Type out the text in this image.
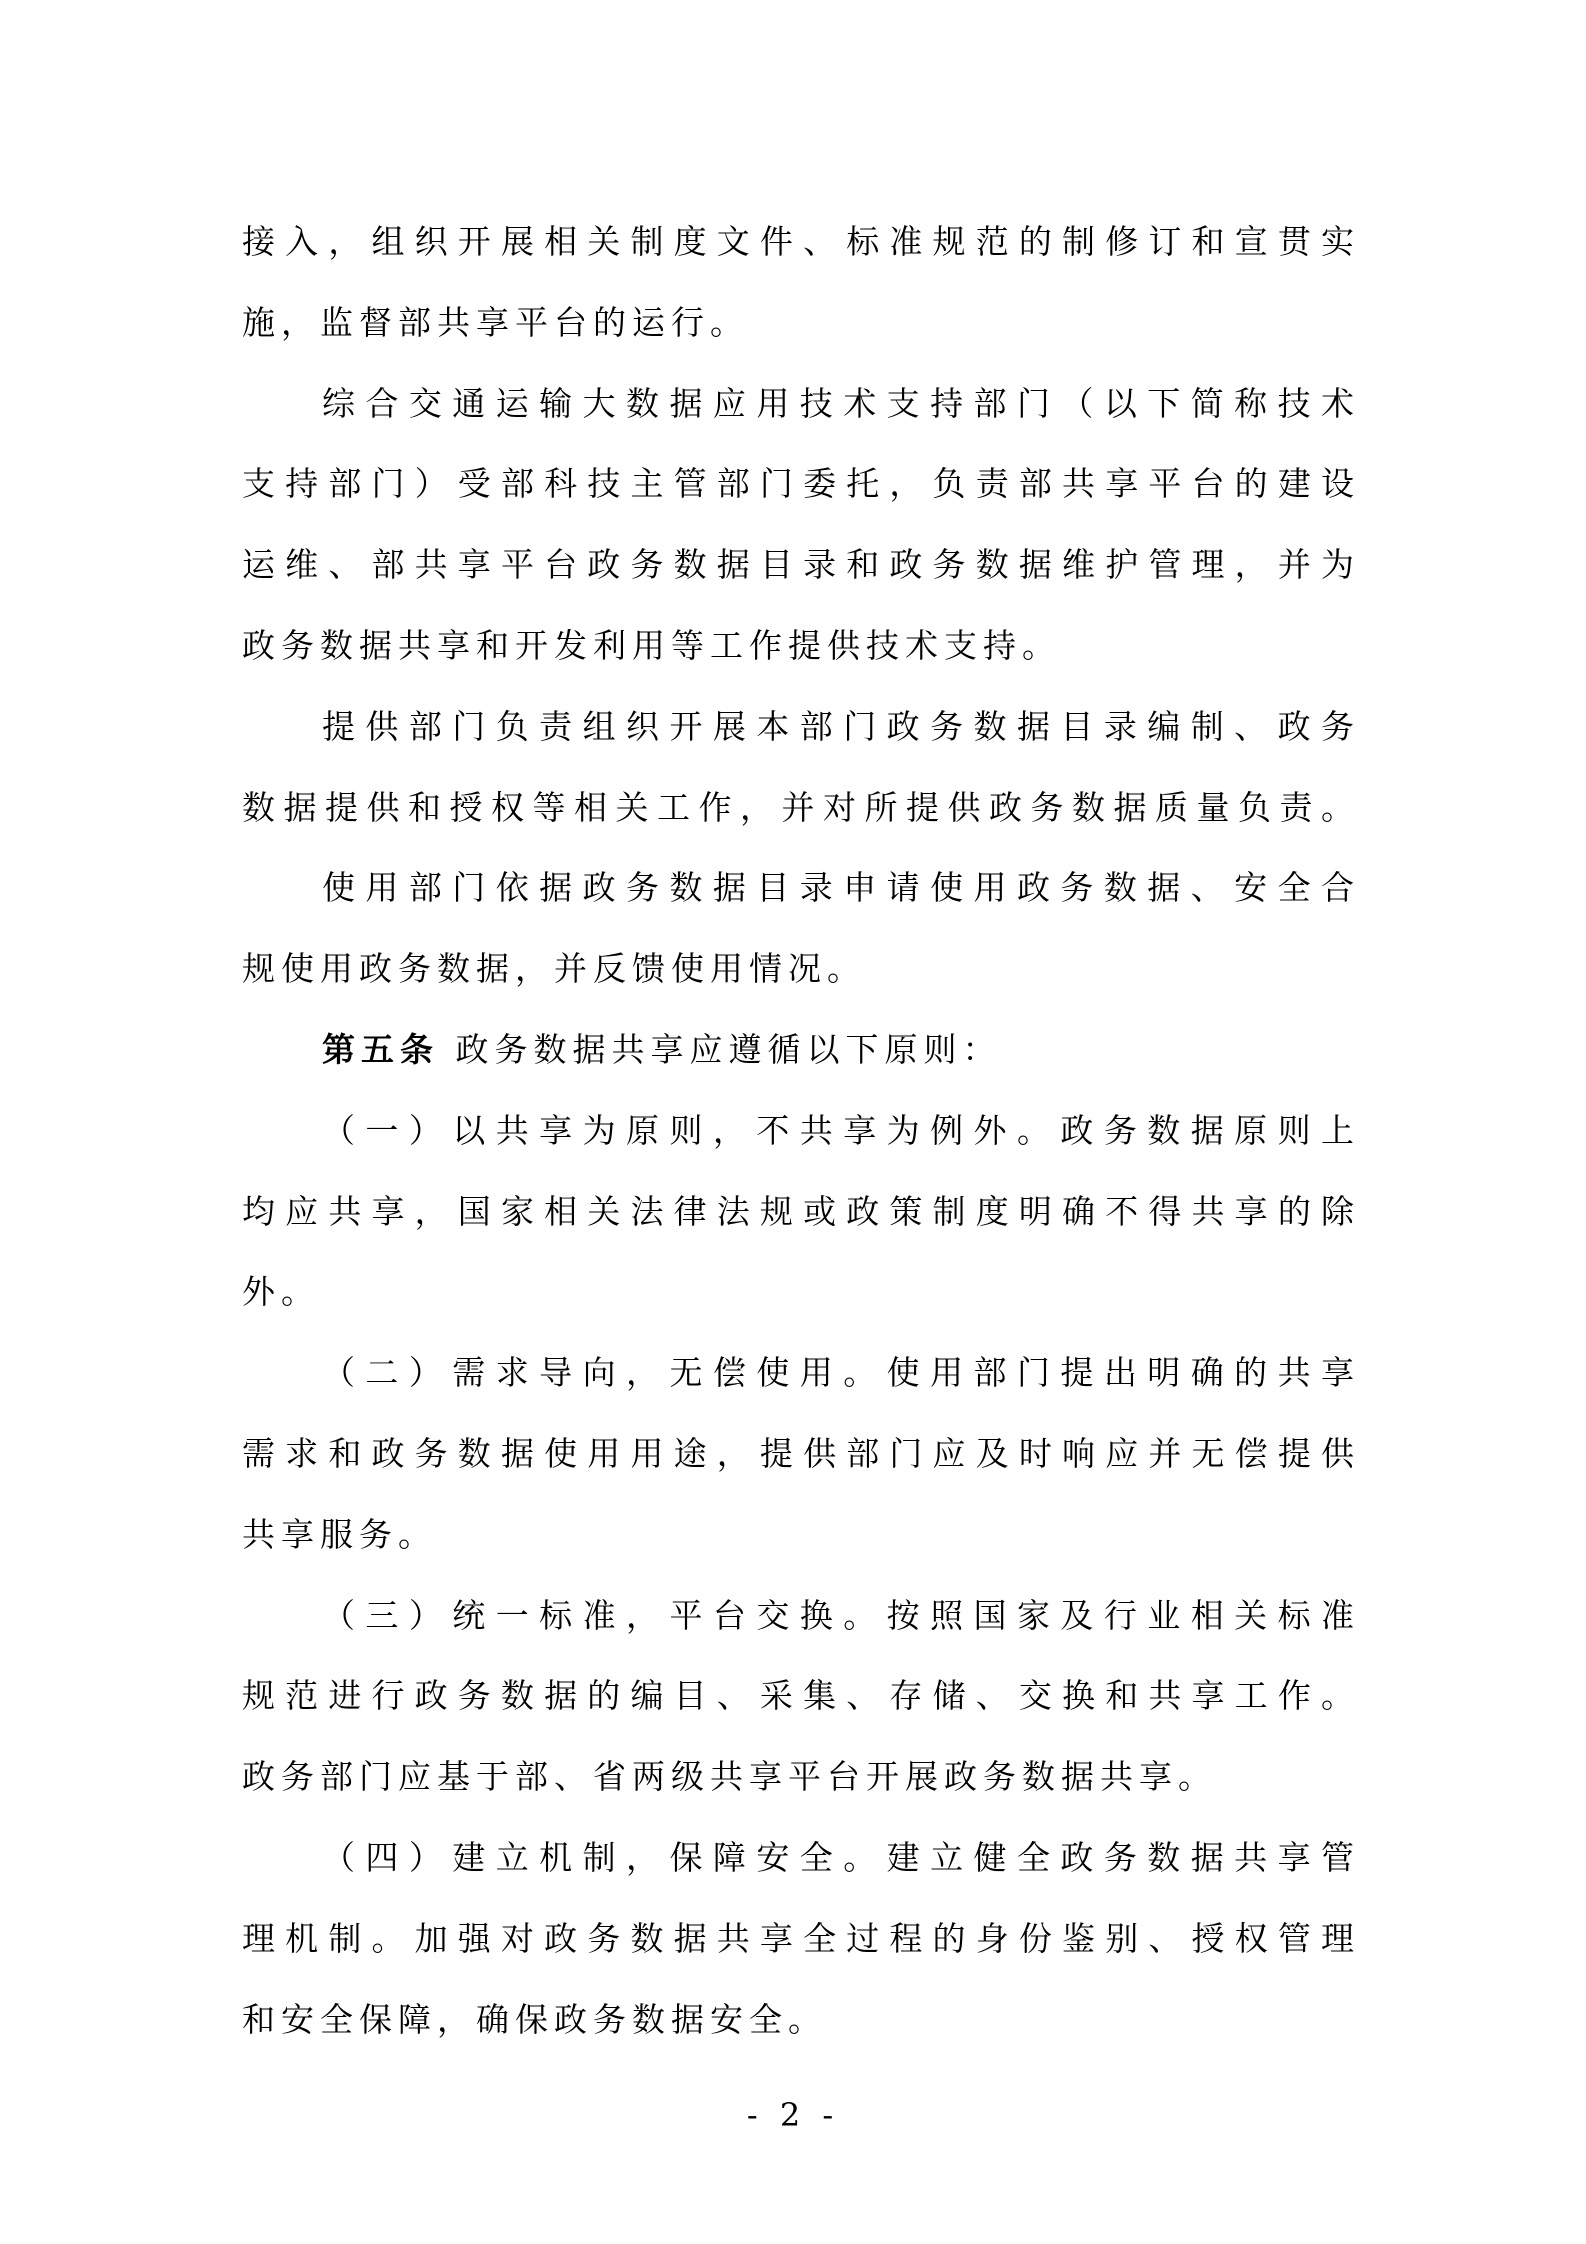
接入，组织开展相关制度文件、标准规范的制修订和宣贯实
施，监督部共享平台的运行。
综合交通运输大数据应用技术支持部门（以下简称技术
支持部门）受部科技主管部门委托，负责部共享平台的建设
运维、部共享平台政务数据目录和政务数据维护管理，并为
政务数据共享和开发利用等工作提供技术支持。
提供部门负责组织开展本部门政务数据目录编制、政务
数据提供和授权等相关工作，并对所提供政务数据质量负责。
使用部门依据政务数据目录申请使用政务数据、安全合
规使用政务数据，并反馈使用情况。
第五条 政务数据共享应遵循以下原则：
（一）以共享为原则，不共享为例外。政务数据原则上
均应共享，国家相关法律法规或政策制度明确不得共享的除
外。
（二）需求导向，无偿使用。使用部门提出明确的共享
需求和政务数据使用用途，提供部门应及时响应并无偿提供
共享服务。
（三）统一标准，平台交换。按照国家及行业相关标准
规范进行政务数据的编目、采集、存储、交换和共享工作。
政务部门应基于部、省两级共享平台开展政务数据共享。
（四）建立机制，保障安全。建立健全政务数据共享管
理机制。加强对政务数据共享全过程的身份鉴别、授权管理
和安全保障，确保政务数据安全。
- 2 -
